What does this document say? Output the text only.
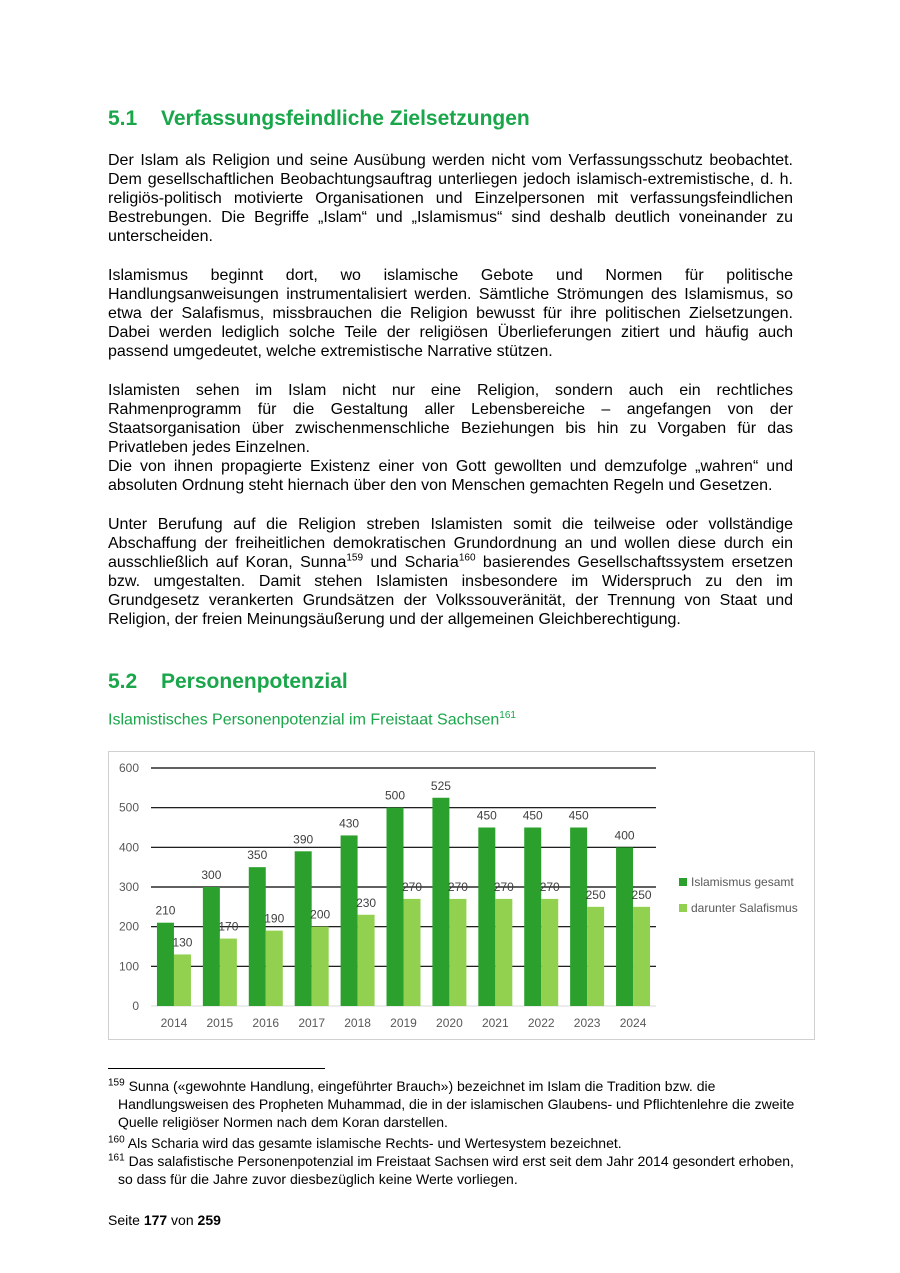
5.1 Verfassungsfeindliche Zielsetzungen

Der Islam als Religion und seine Ausübung werden nicht vom Verfassungsschutz beobachtet. Dem gesellschaftlichen Beobachtungsauftrag unterliegen jedoch islamisch-extremistische, d. h. religiös-politisch motivierte Organisationen und Einzelpersonen mit verfassungsfeindlichen Bestrebungen. Die Begriffe „Islam“ und „Islamismus“ sind deshalb deutlich voneinander zu unterscheiden.

Islamismus beginnt dort, wo islamische Gebote und Normen für politische Handlungsanweisungen instrumentalisiert werden. Sämtliche Strömungen des Islamismus, so etwa der Salafismus, missbrauchen die Religion bewusst für ihre politischen Zielsetzungen. Dabei werden lediglich solche Teile der religiösen Überlieferungen zitiert und häufig auch passend umgedeutet, welche extremistische Narrative stützen.

Islamisten sehen im Islam nicht nur eine Religion, sondern auch ein rechtliches Rahmenprogramm für die Gestaltung aller Lebensbereiche – angefangen von der Staatsorganisation über zwischenmenschliche Beziehungen bis hin zu Vorgaben für das Privatleben jedes Einzelnen.

Die von ihnen propagierte Existenz einer von Gott gewollten und demzufolge „wahren“ und absoluten Ordnung steht hiernach über den von Menschen gemachten Regeln und Gesetzen.

Unter Berufung auf die Religion streben Islamisten somit die teilweise oder vollständige Abschaffung der freiheitlichen demokratischen Grundordnung an und wollen diese durch ein ausschließlich auf Koran, Sunna$^{159}$ und Scharia$^{160}$ basierendes Gesellschaftssystem ersetzen bzw. umgestalten. Damit stehen Islamisten insbesondere im Widerspruch zu den im Grundgesetz verankerten Grundsätzen der Volkssouveränität, der Trennung von Staat und Religion, der freien Meinungsäußerung und der allgemeinen Gleichberechtigung.

5.2 Personenpotenzial

Islamistisches Personenpotenzial im Freistaat Sachsen$^{161}$

0
100
200
300
400
500
600
210
130
2014
300
170
2015
350
190
2016
390
200
2017
430
230
2018
500
270
2019
525
270
2020
450
270
2021
450
270
2022
450
250
2023
400
250
2024
Islamismus gesamt
darunter Salafismus

$^{159}$ Sunna («gewohnte Handlung, eingeführter Brauch») bezeichnet im Islam die Tradition bzw. die Handlungsweisen des Propheten Muhammad, die in der islamischen Glaubens- und Pflichtenlehre die zweite Quelle religiöser Normen nach dem Koran darstellen.

$^{160}$ Als Scharia wird das gesamte islamische Rechts- und Wertesystem bezeichnet.

$^{161}$ Das salafistische Personenpotenzial im Freistaat Sachsen wird erst seit dem Jahr 2014 gesondert erhoben, so dass für die Jahre zuvor diesbezüglich keine Werte vorliegen.

Seite 177 von 259
